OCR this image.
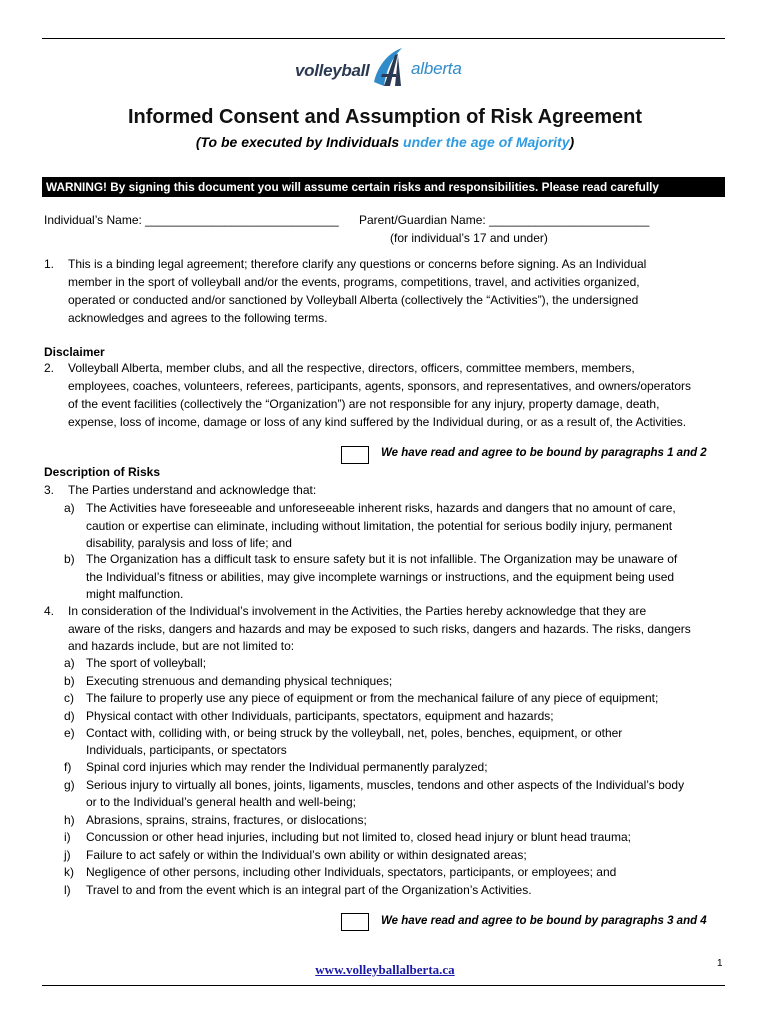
volleyball alberta
Informed Consent and Assumption of Risk Agreement
(To be executed by Individuals under the age of Majority)
WARNING! By signing this document you will assume certain risks and responsibilities. Please read carefully
Individual’s Name: _____________________________ Parent/Guardian Name: ________________________
(for individual’s 17 and under)
1. This is a binding legal agreement; therefore clarify any questions or concerns before signing. As an Individual
member in the sport of volleyball and/or the events, programs, competitions, travel, and activities organized,
operated or conducted and/or sanctioned by Volleyball Alberta (collectively the “Activities”), the undersigned
acknowledges and agrees to the following terms.
Disclaimer
2. Volleyball Alberta, member clubs, and all the respective, directors, officers, committee members, members,
employees, coaches, volunteers, referees, participants, agents, sponsors, and representatives, and owners/operators
of the event facilities (collectively the “Organization”) are not responsible for any injury, property damage, death,
expense, loss of income, damage or loss of any kind suffered by the Individual during, or as a result of, the Activities.
We have read and agree to be bound by paragraphs 1 and 2
Description of Risks
3. The Parties understand and acknowledge that:
a) The Activities have foreseeable and unforeseeable inherent risks, hazards and dangers that no amount of care,
caution or expertise can eliminate, including without limitation, the potential for serious bodily injury, permanent
disability, paralysis and loss of life; and
b) The Organization has a difficult task to ensure safety but it is not infallible. The Organization may be unaware of
the Individual’s fitness or abilities, may give incomplete warnings or instructions, and the equipment being used
might malfunction.
4. In consideration of the Individual’s involvement in the Activities, the Parties hereby acknowledge that they are
aware of the risks, dangers and hazards and may be exposed to such risks, dangers and hazards. The risks, dangers
and hazards include, but are not limited to:
a) The sport of volleyball;
b) Executing strenuous and demanding physical techniques;
c) The failure to properly use any piece of equipment or from the mechanical failure of any piece of equipment;
d) Physical contact with other Individuals, participants, spectators, equipment and hazards;
e) Contact with, colliding with, or being struck by the volleyball, net, poles, benches, equipment, or other
Individuals, participants, or spectators
f) Spinal cord injuries which may render the Individual permanently paralyzed;
g) Serious injury to virtually all bones, joints, ligaments, muscles, tendons and other aspects of the Individual’s body
or to the Individual’s general health and well-being;
h) Abrasions, sprains, strains, fractures, or dislocations;
i) Concussion or other head injuries, including but not limited to, closed head injury or blunt head trauma;
j) Failure to act safely or within the Individual’s own ability or within designated areas;
k) Negligence of other persons, including other Individuals, spectators, participants, or employees; and
l) Travel to and from the event which is an integral part of the Organization’s Activities.
We have read and agree to be bound by paragraphs 3 and 4
www.volleyballalberta.ca	1
